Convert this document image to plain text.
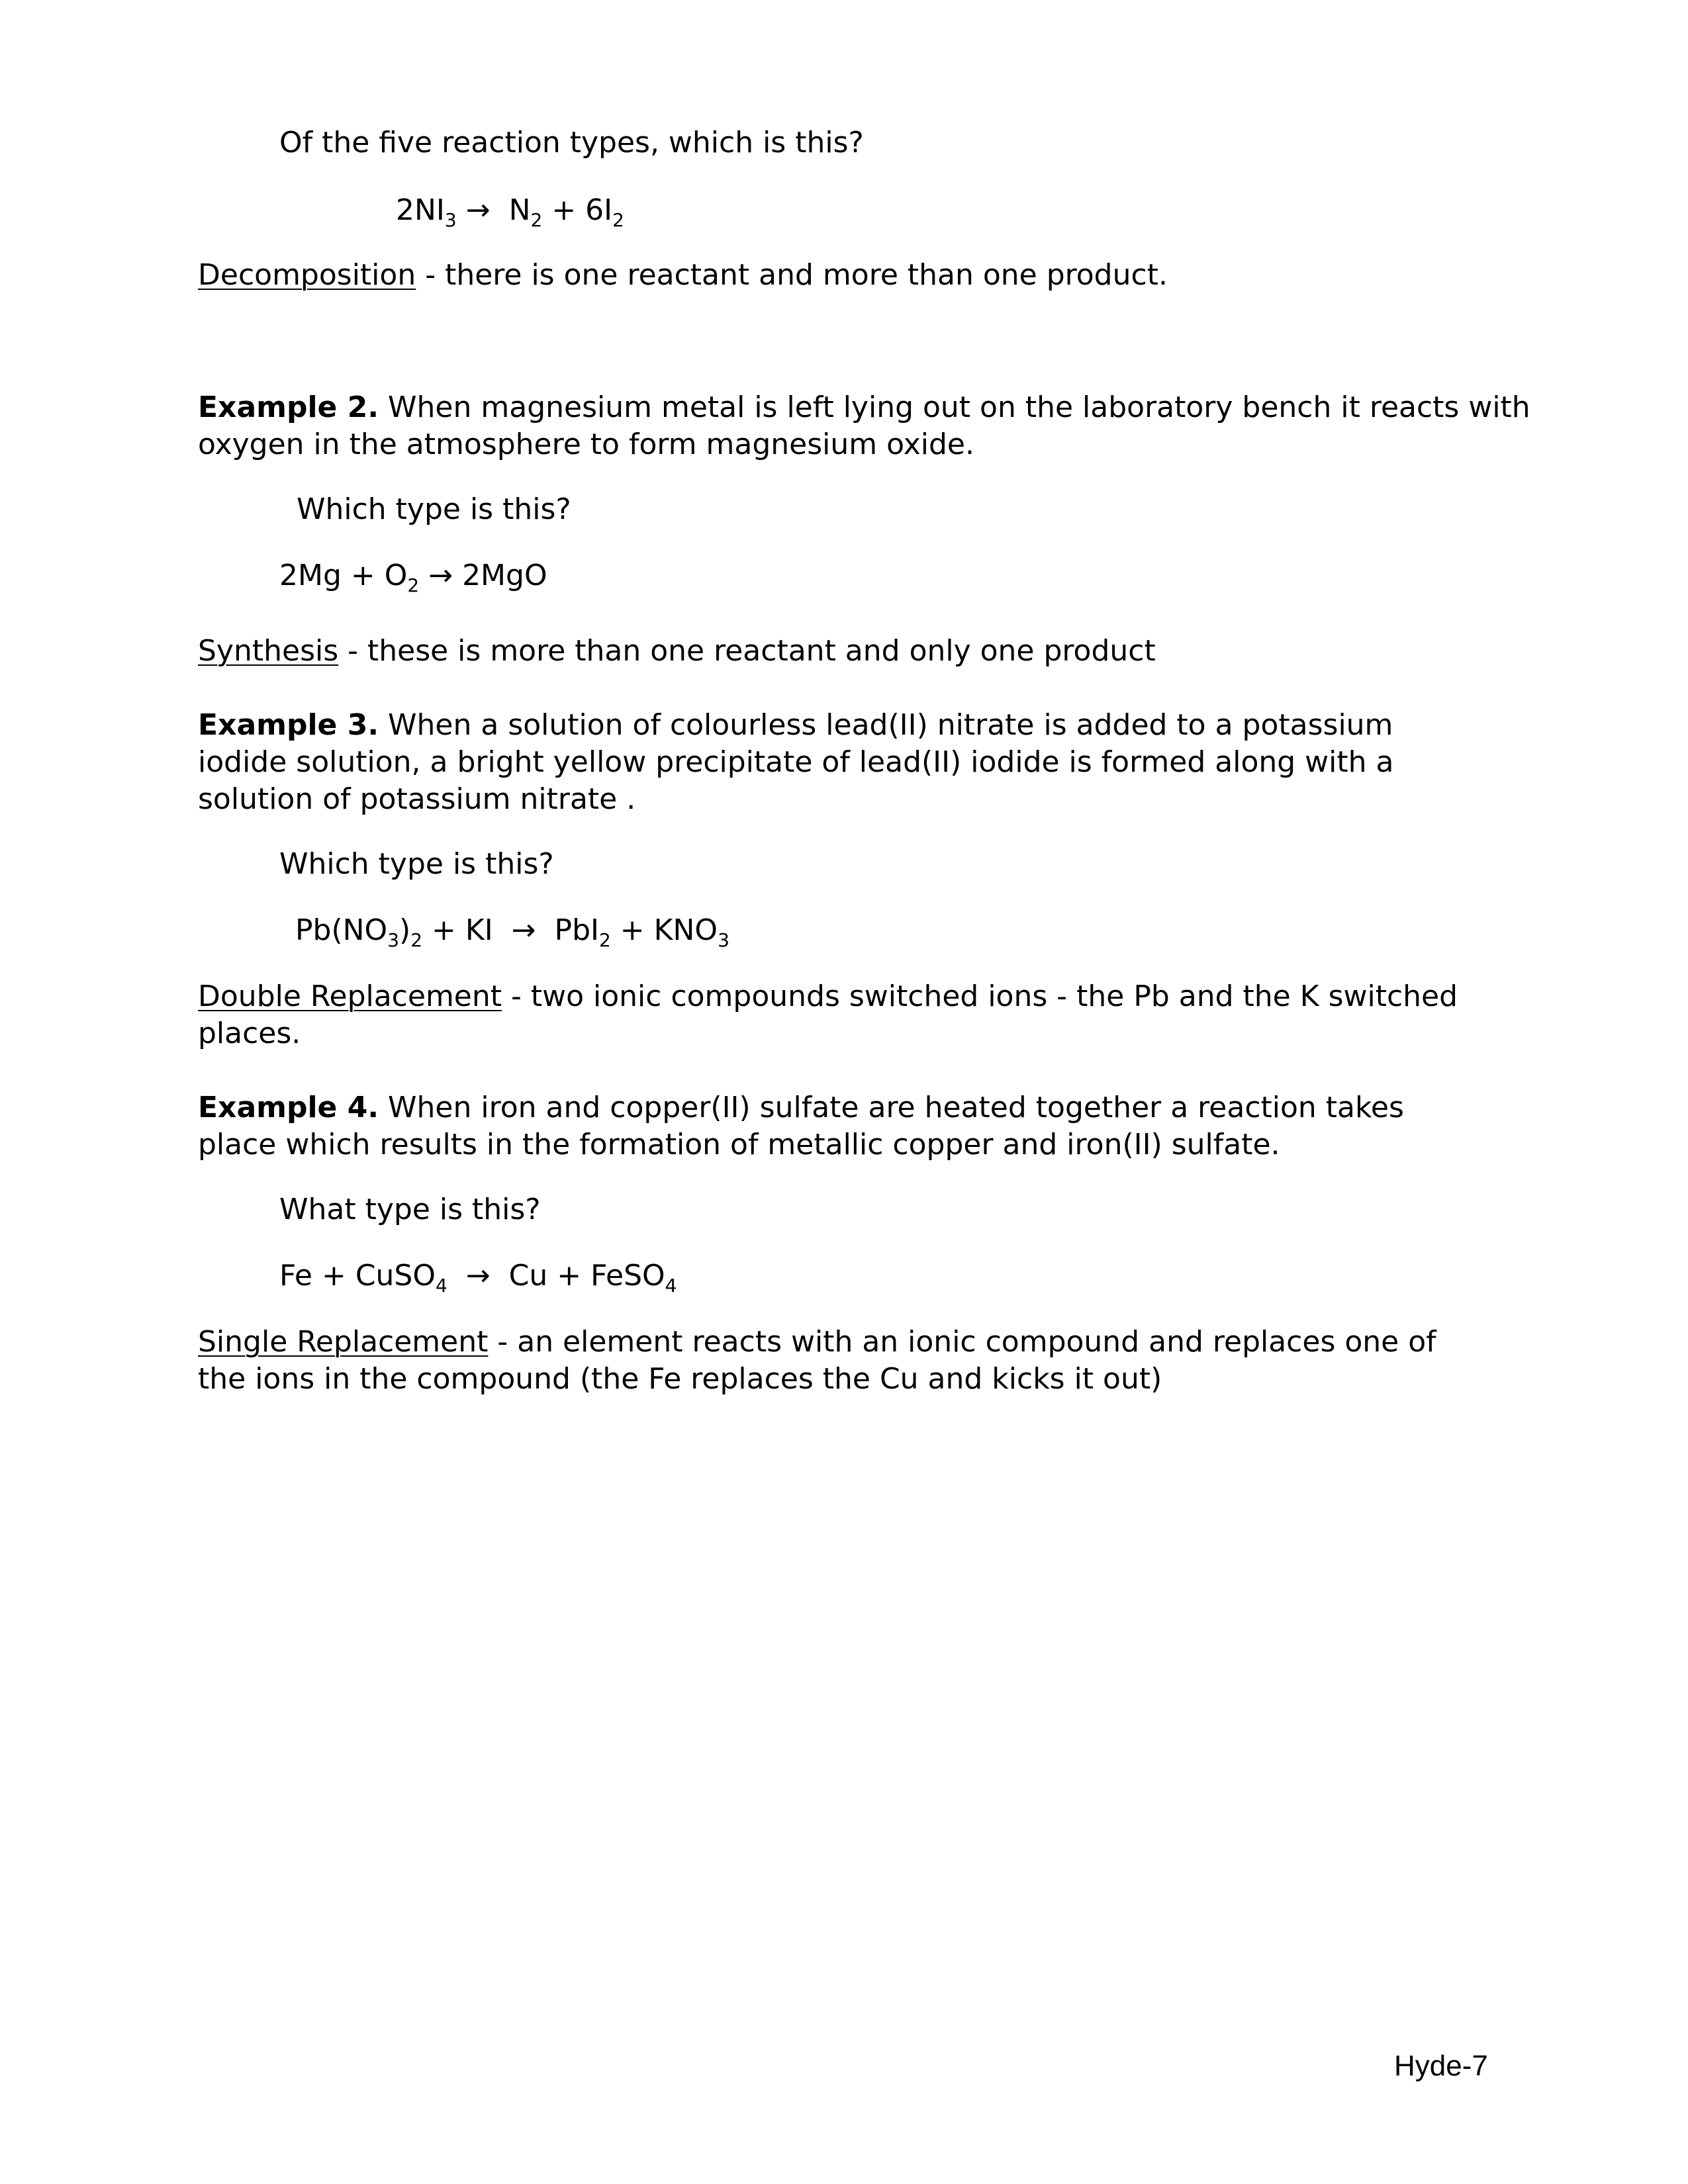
Of the five reaction types, which is this?
$2NI_3 \to N_2 + 6I_2$
Decomposition - there is one reactant and more than one product.
Example 2. When magnesium metal is left lying out on the laboratory bench it reacts with
oxygen in the atmosphere to form magnesium oxide.
Which type is this?
$2Mg + O_2 \to 2MgO$
Synthesis - these is more than one reactant and only one product
Example 3. When a solution of colourless lead(II) nitrate is added to a potassium
iodide solution, a bright yellow precipitate of lead(II) iodide is formed along with a
solution of potassium nitrate .
Which type is this?
$Pb(NO_3)_2$ + KI → $PbI_2 + KNO_3$
Double Replacement - two ionic compounds switched ions - the Pb and the K switched
places.
Example 4. When iron and copper(II) sulfate are heated together a reaction takes
place which results in the formation of metallic copper and iron(II) sulfate.
What type is this?
Fe + CuSO$_4$ → Cu + FeSO$_4$
Single Replacement - an element reacts with an ionic compound and replaces one of
the ions in the compound (the Fe replaces the Cu and kicks it out)
Hyde-7
